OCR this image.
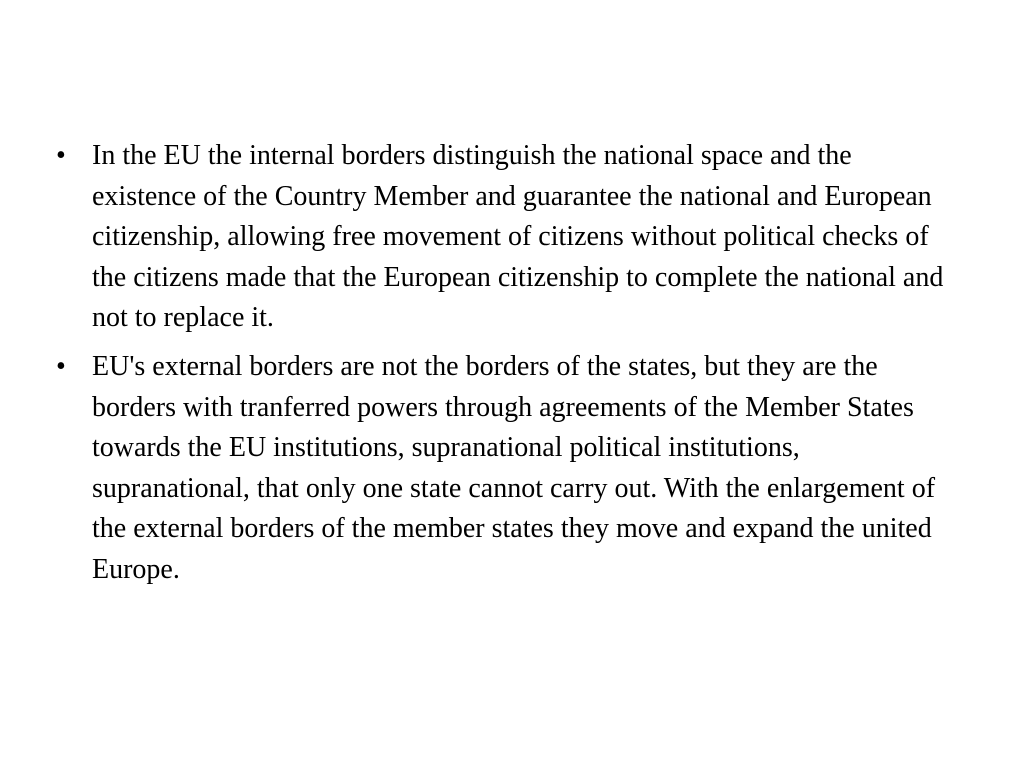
• In the EU the internal borders distinguish the national space and the existence of the Country Member and guarantee the national and European citizenship, allowing free movement of citizens without political checks of the citizens made that the European citizenship to complete the national and not to replace it.
• EU's external borders are not the borders of the states, but they are the borders with tranferred powers through agreements of the Member States towards the EU institutions, supranational political institutions, supranational, that only one state cannot carry out. With the enlargement of the external borders of the member states they move and expand the united Europe.
